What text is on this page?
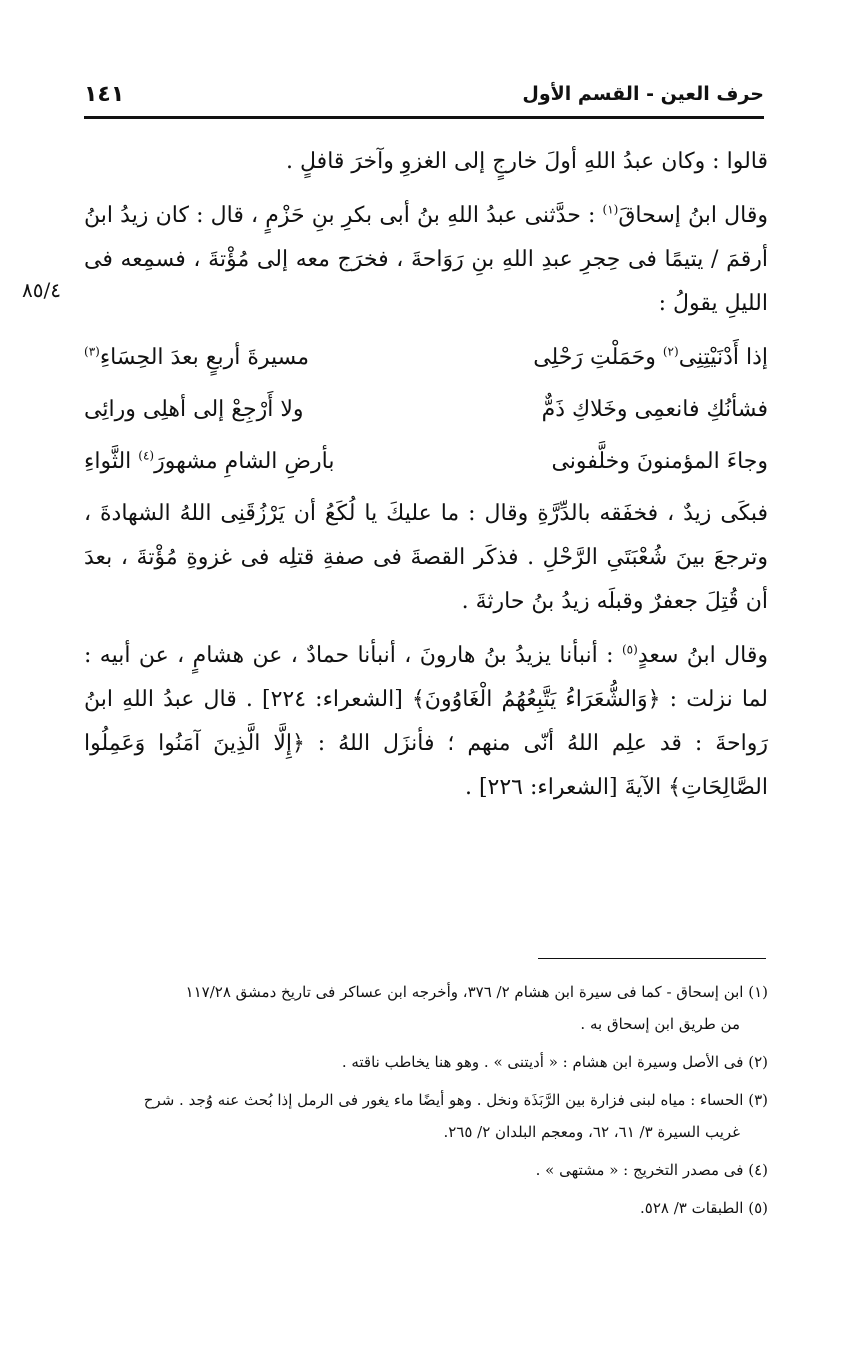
حرف العين - القسم الأول
١٤١
٨٥/٤

قالوا : وكان عبدُ اللهِ أولَ خارجٍ إلى الغزوِ وآخرَ قافلٍ .

وقال ابنُ إسحاقَ$^{(١)}$ : حدَّثنى عبدُ اللهِ بنُ أبى بكرِ بنِ حَزْمٍ ، قال : كان زيدُ ابنُ أرقمَ / يتيمًا فى حِجرِ عبدِ اللهِ بنِ رَوَاحةَ ، فخرَج معه إلى مُؤْتةَ ، فسمِعه فى الليلِ يقولُ :

إذا أَدْنَيْتِنِى$^{(٢)}$ وحَمَلْتِ رَحْلِى
مسيرةَ أربعٍ بعدَ الحِسَاءِ$^{(٣)}$
فشأنُكِ فانعمِى وخَلاكِ ذَمٌّ
ولا أَرْجِعْ إلى أهلِى ورائِى
وجاءَ المؤمنونَ وخلَّفونى
بأرضِ الشامِ مشهورَ$^{(٤)}$ الثَّواءِ

فبكَى زيدٌ ، فخفَقه بالدِّرَّةِ وقال : ما عليكَ يا لُكَعُ أن يَرْزُقَنِى اللهُ الشهادةَ ، وترجعَ بينَ شُعْبَتَىِ الرَّحْلِ . فذكَر القصةَ فى صفةِ قتلِه فى غزوةِ مُؤْتةَ ، بعدَ أن قُتِلَ جعفرٌ وقبلَه زيدُ بنُ حارثةَ .

وقال ابنُ سعدٍ$^{(٥)}$ : أنبأنا يزيدُ بنُ هارونَ ، أنبأنا حمادٌ ، عن هشامٍ ، عن أبيه : لما نزلت : ﴿وَالشُّعَرَاءُ يَتَّبِعُهُمُ الْغَاوُونَ﴾ [الشعراء: ٢٢٤] . قال عبدُ اللهِ ابنُ رَواحةَ : قد علِم اللهُ أنّى منهم ؛ فأنزَل اللهُ : ﴿إِلَّا الَّذِينَ آمَنُوا وَعَمِلُوا الصَّالِحَاتِ﴾ الآيةَ [الشعراء: ٢٢٦] .

(١) ابن إسحاق - كما فى سيرة ابن هشام ٢/ ٣٧٦، وأخرجه ابن عساكر فى تاريخ دمشق ١١٧/٢٨
من طريق ابن إسحاق به .

(٢) فى الأصل وسيرة ابن هشام : « أديتنى » . وهو هنا يخاطب ناقته .

(٣) الحساء : مياه لبنى فزارة بين الرَّبَذَة ونخل . وهو أيضًا ماء يغور فى الرمل إذا بُحث عنه وُجد . شرح
غريب السيرة ٣/ ٦١، ٦٢، ومعجم البلدان ٢/ ٢٦٥.

(٤) فى مصدر التخريج : « مشتهى » .

(٥) الطبقات ٣/ ٥٢٨.
